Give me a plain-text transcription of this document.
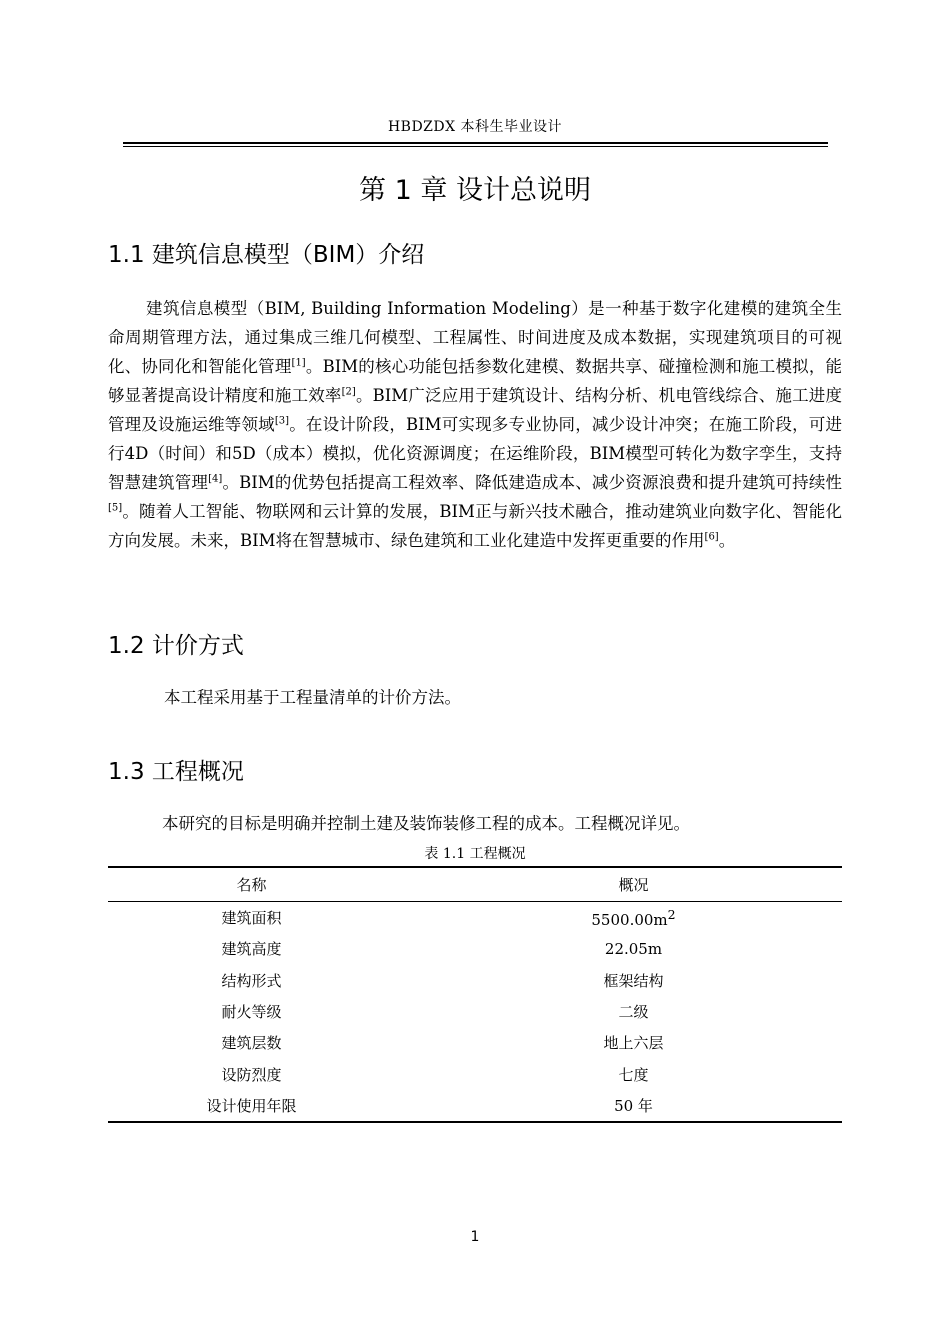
HBDZDX 本科生毕业设计
第 1 章 设计总说明
1.1 建筑信息模型（BIM）介绍

建筑信息模型（BIM, Building Information Modeling）是一种基于数字化建模的建筑全生命周期管理方法，通过集成三维几何模型、工程属性、时间进度及成本数据，实现建筑项目的可视化、协同化和智能化管理[1]。BIM的核心功能包括参数化建模、数据共享、碰撞检测和施工模拟，能够显著提高设计精度和施工效率[2]。BIM广泛应用于建筑设计、结构分析、机电管线综合、施工进度管理及设施运维等领域[3]。在设计阶段，BIM可实现多专业协同，减少设计冲突；在施工阶段，可进行4D（时间）和5D（成本）模拟，优化资源调度；在运维阶段，BIM模型可转化为数字孪生，支持智慧建筑管理[4]。BIM的优势包括提高工程效率、降低建造成本、减少资源浪费和提升建筑可持续性[5]。随着人工智能、物联网和云计算的发展，BIM正与新兴技术融合，推动建筑业向数字化、智能化方向发展。未来，BIM将在智慧城市、绿色建筑和工业化建造中发挥更重要的作用[6]。

1.2 计价方式

本工程采用基于工程量清单的计价方法。

1.3 工程概况

本研究的目标是明确并控制土建及装饰装修工程的成本。工程概况详见。

表 1.1 工程概况
名称	概况
建筑面积	$5500.00m^2$
建筑高度	22.05m
结构形式	框架结构
耐火等级	二级
建筑层数	地上六层
设防烈度	七度
设计使用年限	50 年
1
